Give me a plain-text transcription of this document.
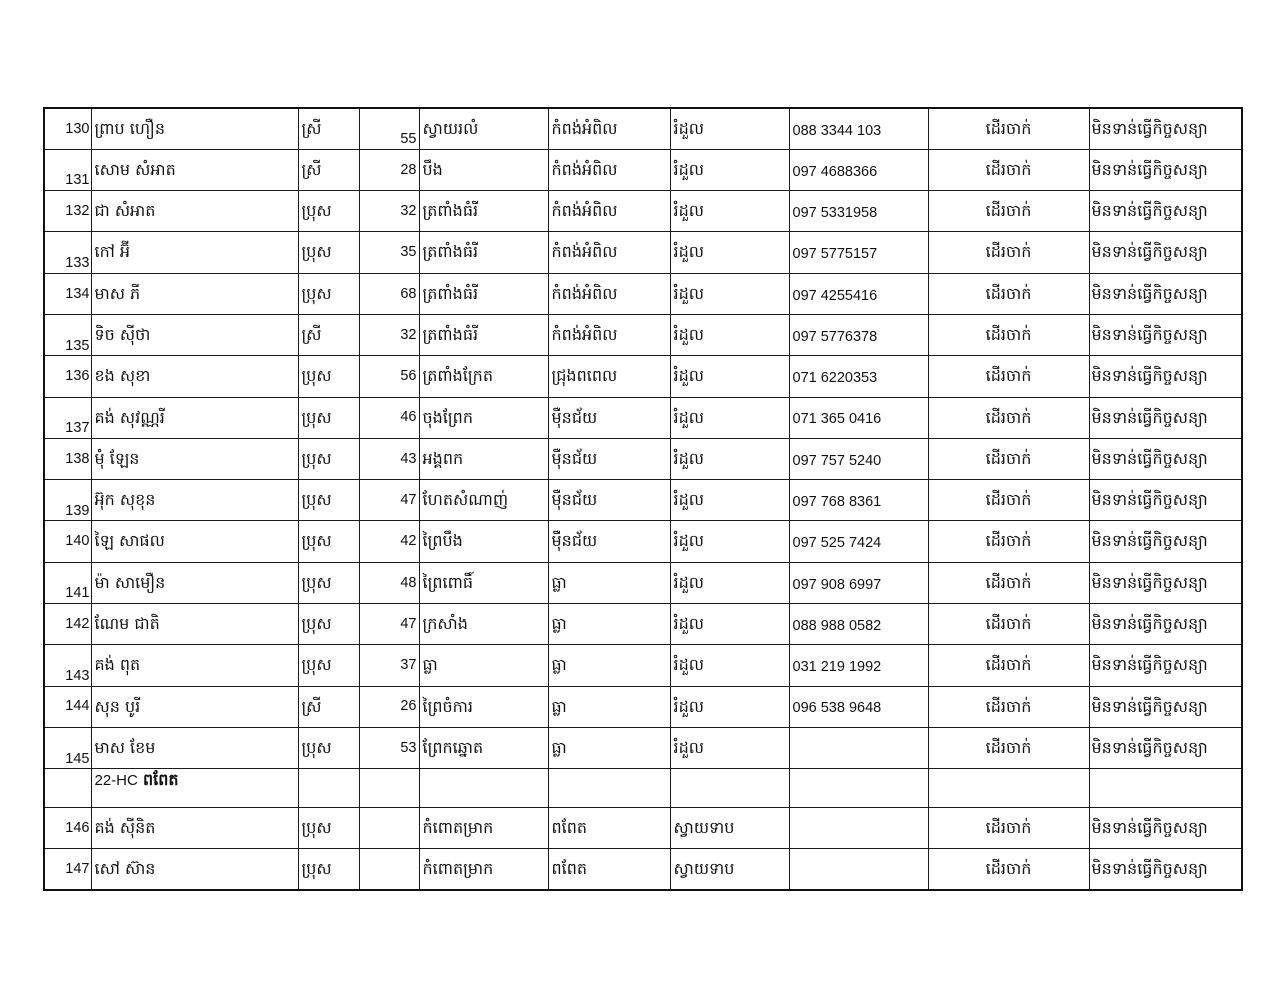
130	ព្រាប ហឿន	ស្រី	55	ស្វាយរលំ	កំពង់អំពិល	រំដួល	088 3344 103	ដើរចាក់	មិនទាន់ធ្វើកិច្ចសន្យា
131	សោម សំអាត	ស្រី	28	បឹង	កំពង់អំពិល	រំដួល	097 4688366	ដើរចាក់	មិនទាន់ធ្វើកិច្ចសន្យា
132	ជា សំអាត	ប្រុស	32	ត្រពាំងធំរី	កំពង់អំពិល	រំដួល	097 5331958	ដើរចាក់	មិនទាន់ធ្វើកិច្ចសន្យា
133	កៅ អ៊ី	ប្រុស	35	ត្រពាំងធំរី	កំពង់អំពិល	រំដួល	097 5775157	ដើរចាក់	មិនទាន់ធ្វើកិច្ចសន្យា
134	មាស ភី	ប្រុស	68	ត្រពាំងធំរី	កំពង់អំពិល	រំដួល	097 4255416	ដើរចាក់	មិនទាន់ធ្វើកិច្ចសន្យា
135	ទិច ស៊ីថា	ស្រី	32	ត្រពាំងធំរី	កំពង់អំពិល	រំដួល	097 5776378	ដើរចាក់	មិនទាន់ធ្វើកិច្ចសន្យា
136	ខង សុខា	ប្រុស	56	ត្រពាំងក្រែត	ជ្រុងពពេល	រំដួល	071 6220353	ដើរចាក់	មិនទាន់ធ្វើកិច្ចសន្យា
137	គង់ សុវណ្ណរី	ប្រុស	46	ចុងព្រែក	ម៉ឺនជ័យ	រំដួល	071 365 0416	ដើរចាក់	មិនទាន់ធ្វើកិច្ចសន្យា
138	មុំ ឡែន	ប្រុស	43	អង្គពក	ម៉ឺនជ័យ	រំដួល	097 757 5240	ដើរចាក់	មិនទាន់ធ្វើកិច្ចសន្យា
139	អ៊ុក សុខុន	ប្រុស	47	ហែតសំណាញ់	ម៉ឺនជ័យ	រំដួល	097 768 8361	ដើរចាក់	មិនទាន់ធ្វើកិច្ចសន្យា
140	ឡៃ សាផល	ប្រុស	42	ព្រៃបឹង	ម៉ឺនជ័យ	រំដួល	097 525 7424	ដើរចាក់	មិនទាន់ធ្វើកិច្ចសន្យា
141	ម៉ា សាមឿន	ប្រុស	48	ព្រៃពោធិ៍	ធ្លា	រំដួល	097 908 6997	ដើរចាក់	មិនទាន់ធ្វើកិច្ចសន្យា
142	ណែម ជាតិ	ប្រុស	47	ក្រសាំង	ធ្លា	រំដួល	088 988 0582	ដើរចាក់	មិនទាន់ធ្វើកិច្ចសន្យា
143	គង់ ពុត	ប្រុស	37	ធ្លា	ធ្លា	រំដួល	031 219 1992	ដើរចាក់	មិនទាន់ធ្វើកិច្ចសន្យា
144	សុន បូរី	ស្រី	26	ព្រៃចំការ	ធ្លា	រំដួល	096 538 9648	ដើរចាក់	មិនទាន់ធ្វើកិច្ចសន្យា
145	មាស ខែម	ប្រុស	53	ព្រែកឆ្នោត	ធ្លា	រំដួល		ដើរចាក់	មិនទាន់ធ្វើកិច្ចសន្យា
	22-HC ពពែត								
146	គង់ ស៊ីនិត	ប្រុស		កំពោតម្រាក	ពពែត	ស្វាយទាប		ដើរចាក់	មិនទាន់ធ្វើកិច្ចសន្យា
147	សៅ ស៊ាន	ប្រុស		កំពោតម្រាក	ពពែត	ស្វាយទាប		ដើរចាក់	មិនទាន់ធ្វើកិច្ចសន្យា
